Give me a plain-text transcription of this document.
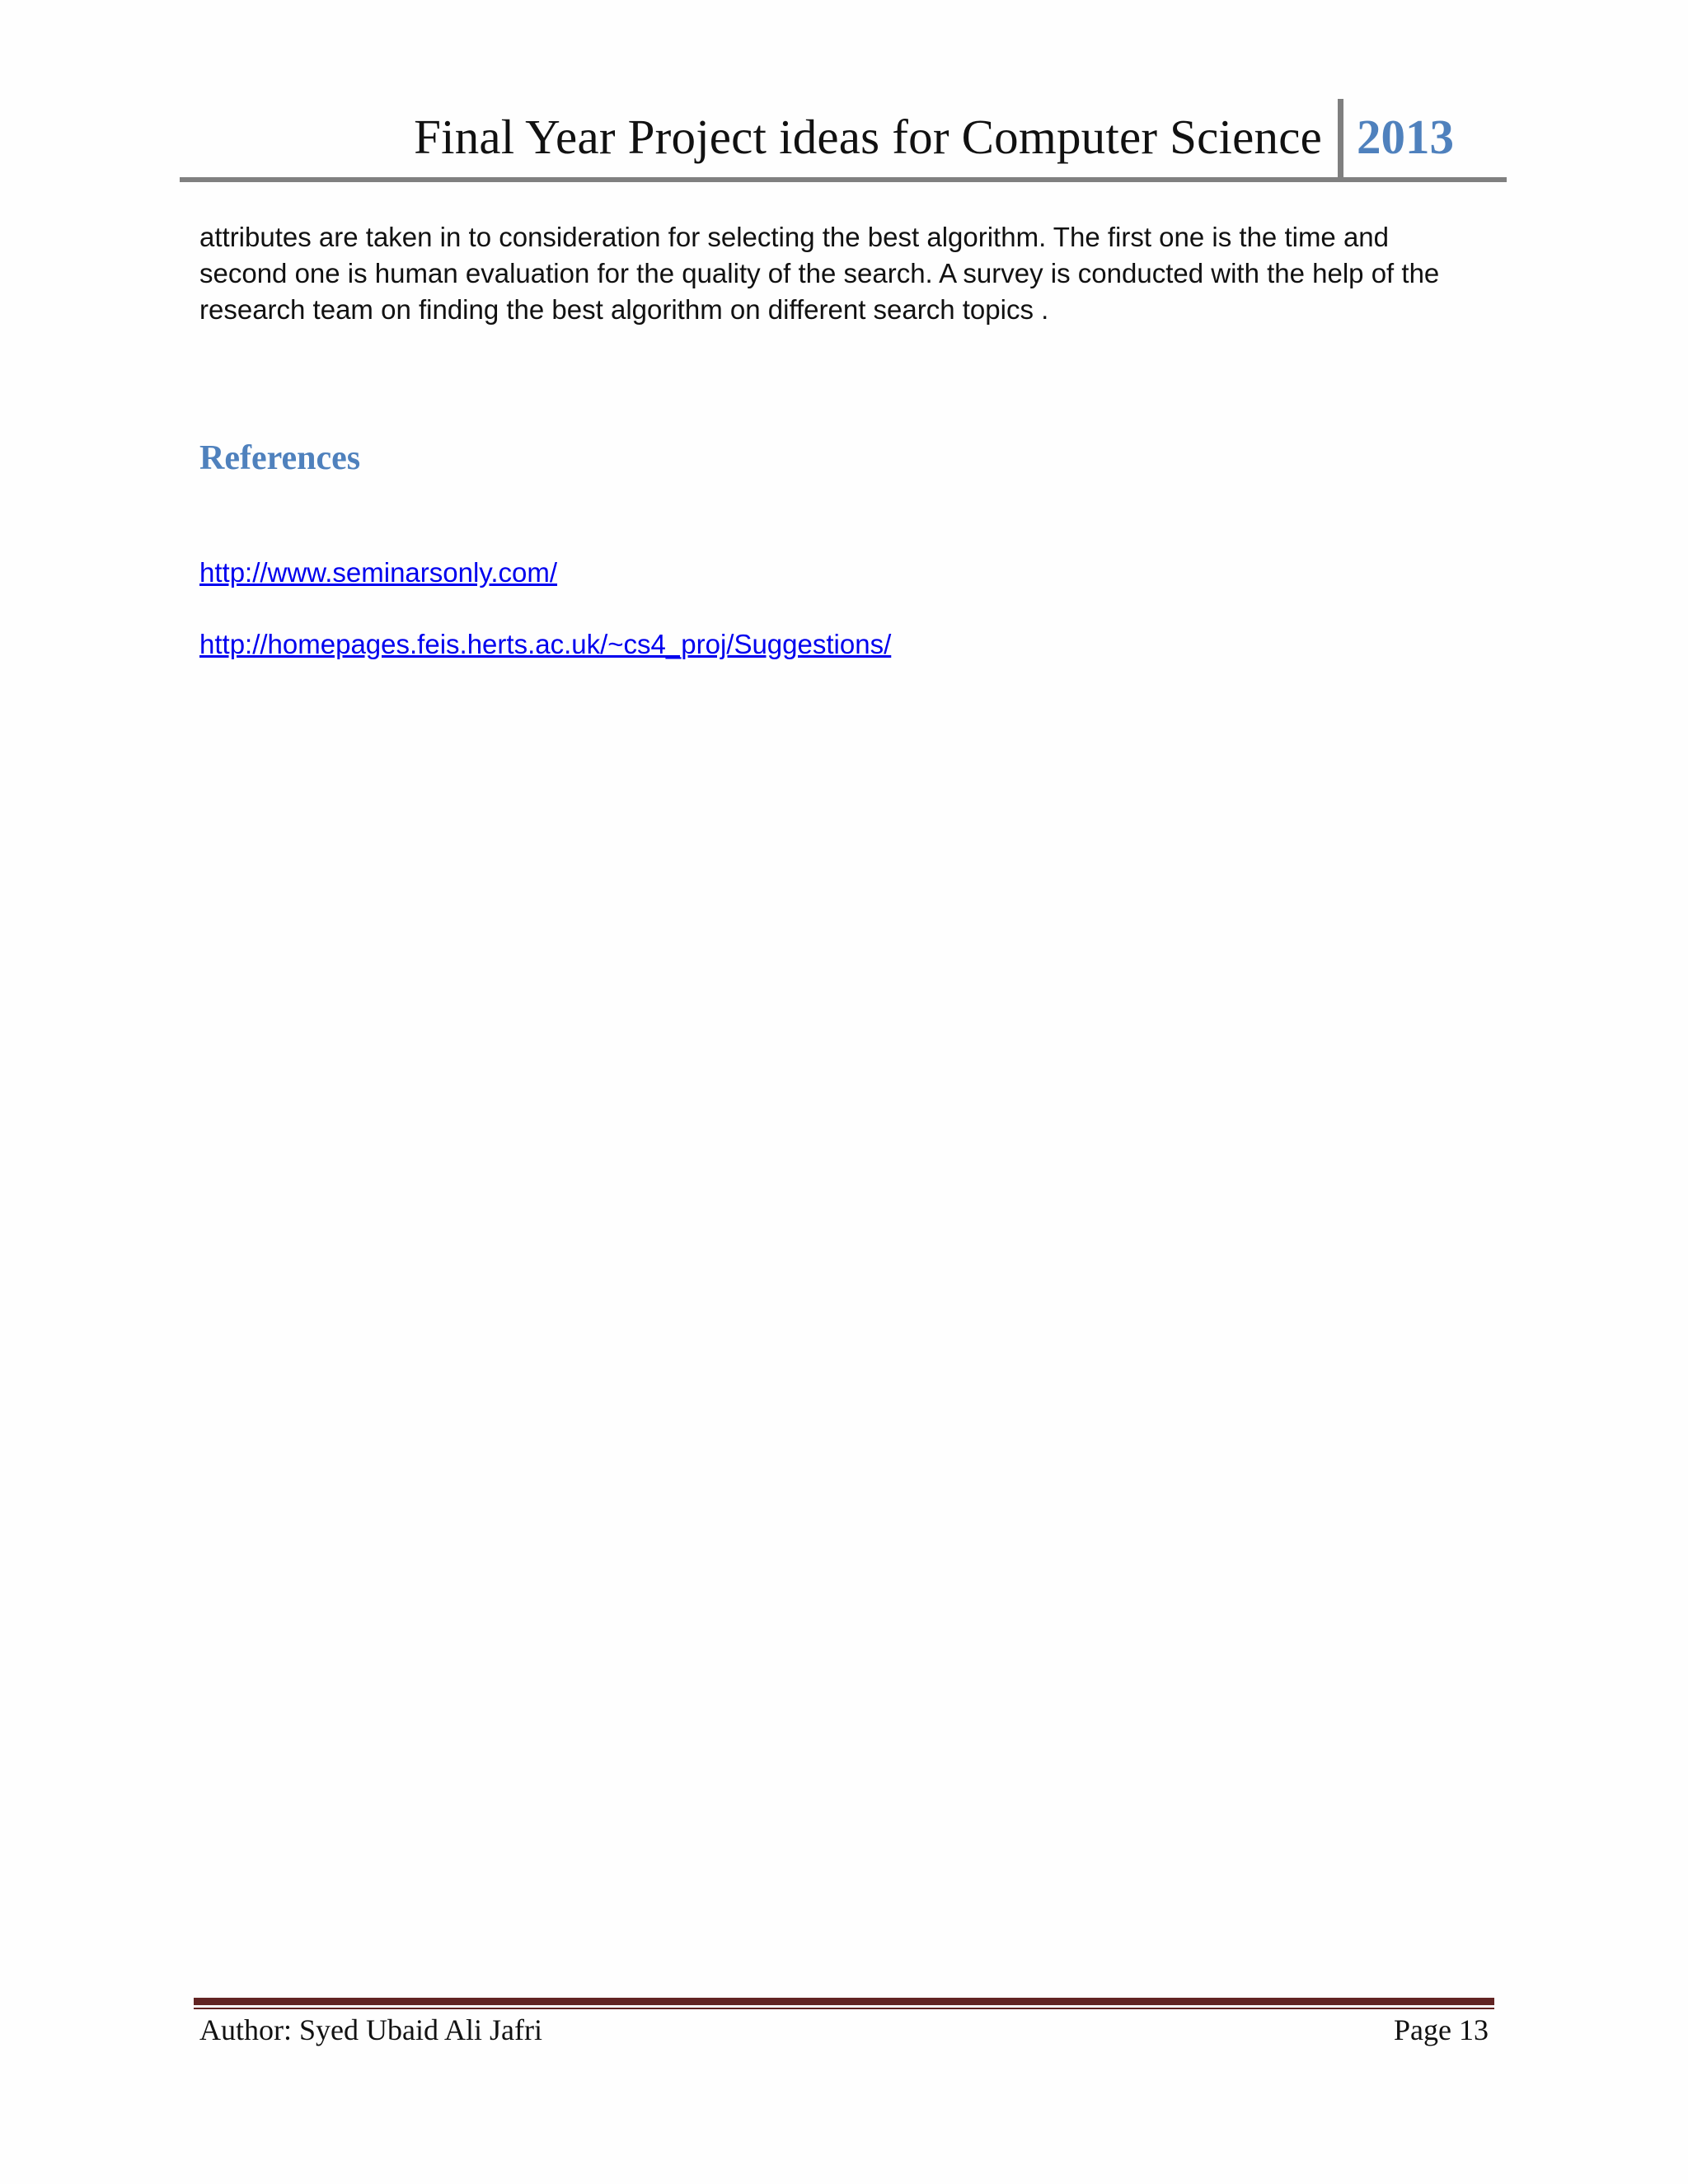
Final Year Project ideas for Computer Science 2013

attributes are taken in to consideration for selecting the best algorithm. The first one is the time and

second one is human evaluation for the quality of the search. A survey is conducted with the help of the

research team on finding the best algorithm on different search topics .

References
http://www.seminarsonly.com/
http://homepages.feis.herts.ac.uk/~cs4_proj/Suggestions/
Author: Syed Ubaid Ali Jafri	Page 13
